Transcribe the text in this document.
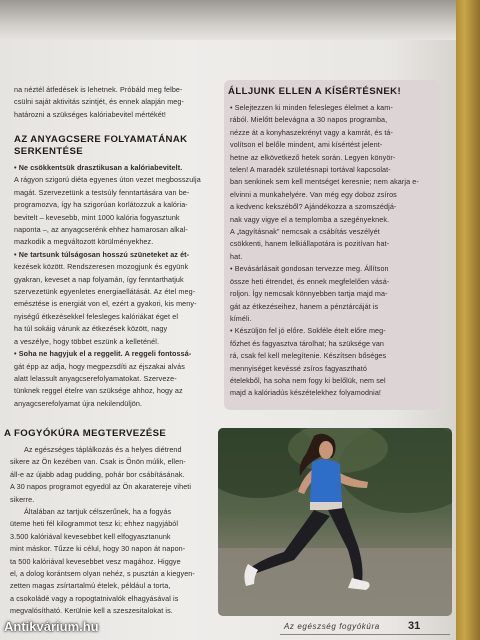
na néztél átfedések is lehetnek. Próbáld meg felbe-

csülni saját aktivitás szintjét, és ennek alapján meg-

határozni a szükséges kalóriabevitel mértékét!

AZ ANYAGCSERE FOLYAMATÁNAK
SERKENTÉSE

• Ne csökkentsük drasztikusan a kalóriabevitelt.

A rágyon szigorú diéta egyenes úton vezet megbosszulja

magát. Szervezetünk a testsúly fenntartására van be-

programozva, így ha szigorúan korlátozzuk a kalória-

bevitelt – kevesebb, mint 1000 kalória fogyasztunk

naponta –, az anyagcserénk ehhez hamarosan alkal-

mazkodik a megváltozott körülményekhez.

• Ne tartsunk túlságosan hosszú szüneteket az ét-

kezések között. Rendszeresen mozogjunk és együnk

gyakran, keveset a nap folyamán, így fenntarthatjuk

szervezetünk egyenletes energiaellátását. Az étel meg-

emésztése is energiát von el, ezért a gyakori, kis meny-

nyiségű étkezésekkel felesleges kalóriákat éget el

ha túl sokáig várunk az étkezések között, nagy

a veszélye, hogy többet eszünk a kelleténél.

• Soha ne hagyjuk el a reggelit. A reggeli fontossá-

gát épp az adja, hogy megpezsdíti az éjszakai alvás

alatt lelassult anyagcserefolyamatokat. Szerveze-

tünknek reggel ételre van szüksége ahhoz, hogy az

anyagcserefolyamat újra nekilendüljön.

A FOGYÓKÚRA MEGTERVEZÉSE

Az egészséges táplálkozás és a helyes diétrend

sikere az Ön kezében van. Csak is Önön múlik, ellen-

áll-e az újabb adag pudding, pohár bor csábításának.

A 30 napos programot egyedül az Ön akaratereje viheti

sikerre.

Általában az tartjuk célszerűnek, ha a fogyás

üteme heti fél kilogrammot tesz ki; ehhez nagyjából

3.500 kalóriával kevesebbet kell elfogyasztanunk

mint máskor. Tűzze ki célul, hogy 30 napon át napon-

ta 500 kalóriával kevesebbet vesz magához. Higgye

el, a dolog korántsem olyan nehéz, s pusztán a kiegyen-

zetten magas zsírtartalmú ételek, például a torta,

a csokoládé vagy a ropogtatnivalók elhagyásával is

megvalósítható. Kerülnie kell a szeszesitalokat is.

ÁLLJUNK ELLEN A KÍSÉRTÉSNEK!

• Selejtezzen ki minden felesleges élelmet a kam-

rából. Mielőtt belevágna a 30 napos programba,

nézze át a konyhaszekrényt vagy a kamrát, és tá-

volítson el belőle mindent, ami kísértést jelent-

hetne az elkövetkező hetek során. Legyen könyör-

telen! A maradék születésnapi tortával kapcsolat-

ban senkinek sem kell mentséget keresnie; nem akarja e-

elvinni a munkahelyére. Van még egy doboz zsíros

a kedvenc kekszéből? Ajándékozza a szomszédjá-

nak vagy vigye el a templomba a szegényeknek.

A „tagyításnak” nemcsak a csábítás veszélyét

csökkenti, hanem lelkiállapotára is pozitívan hat-

hat.

• Bevásárlásait gondosan tervezze meg. Állítson

össze heti étrendet, és ennek megfelelően vásá-

roljon. Így nemcsak könnyebben tartja majd ma-

gát az étkezéseihez, hanem a pénztárcáját is

kíméli.

• Készüljön fel jó előre. Sokféle ételt előre meg-

főzhet és fagyasztva tárolhat; ha szüksége van

rá, csak fel kell melegítenie. Készítsen bőséges

mennyiséget kevéssé zsíros fagyasztható

ételekből, ha soha nem fogy ki belőlük, nem sel

majd a kalóriadús készételekhez folyamodnia!

Az egészség fogyókúra	31
Antikvárium.hu
